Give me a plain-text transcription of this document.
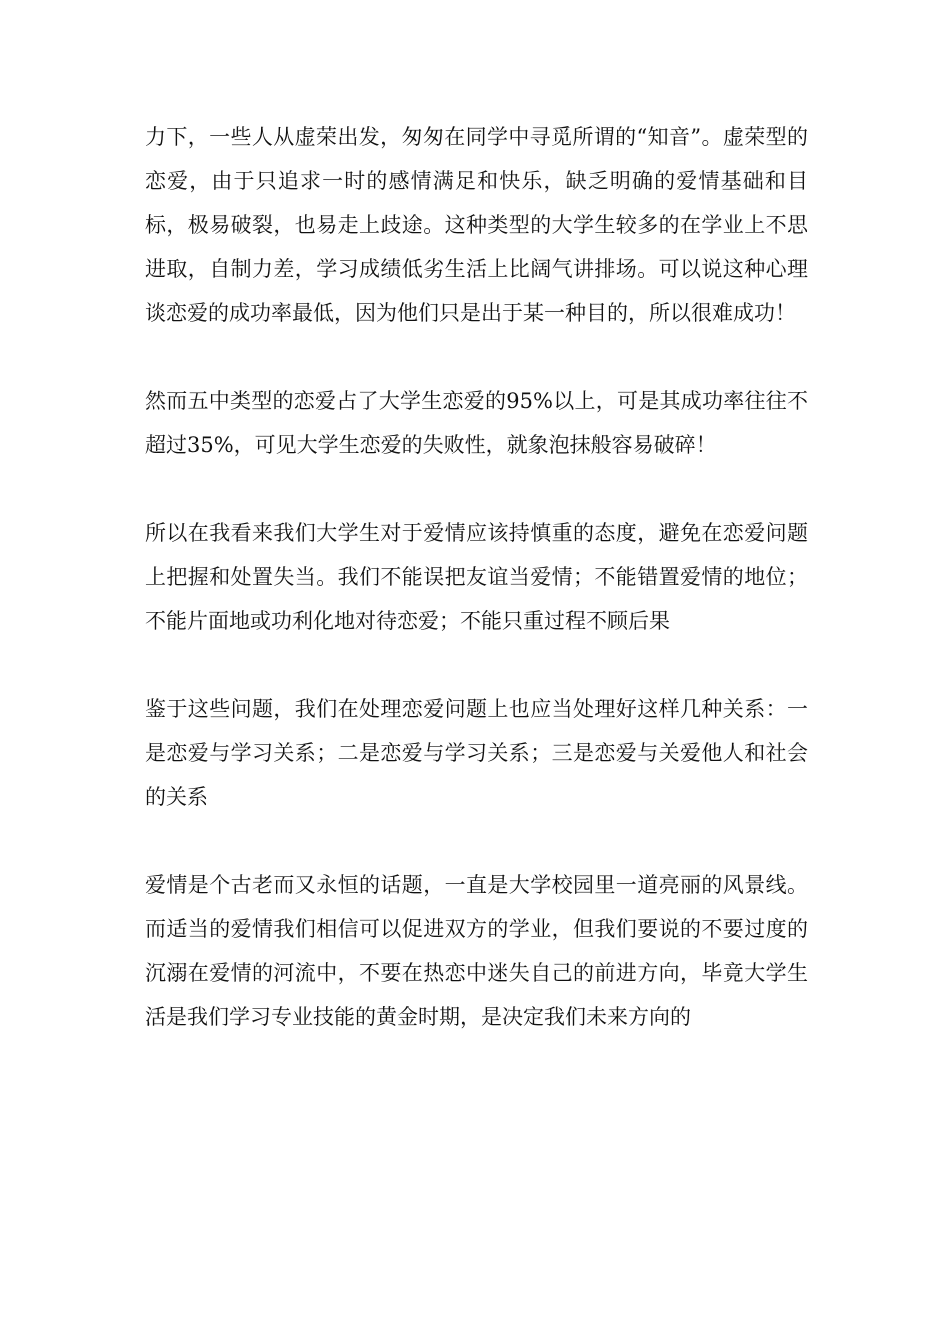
力下，一些人从虚荣出发，匆匆在同学中寻觅所谓的“知音”。虚荣型的恋爱，由于只追求一时的感情满足和快乐，缺乏明确的爱情基础和目标，极易破裂，也易走上歧途。这种类型的大学生较多的在学业上不思进取，自制力差，学习成绩低劣生活上比阔气讲排场。可以说这种心理谈恋爱的成功率最低，因为他们只是出于某一种目的，所以很难成功！

然而五中类型的恋爱占了大学生恋爱的95%以上，可是其成功率往往不超过35%，可见大学生恋爱的失败性，就象泡抹般容易破碎！

所以在我看来我们大学生对于爱情应该持慎重的态度，避免在恋爱问题上把握和处置失当。我们不能误把友谊当爱情；不能错置爱情的地位；不能片面地或功利化地对待恋爱；不能只重过程不顾后果

鉴于这些问题，我们在处理恋爱问题上也应当处理好这样几种关系：一是恋爱与学习关系；二是恋爱与学习关系；三是恋爱与关爱他人和社会的关系

爱情是个古老而又永恒的话题，一直是大学校园里一道亮丽的风景线。而适当的爱情我们相信可以促进双方的学业，但我们要说的不要过度的沉溺在爱情的河流中，不要在热恋中迷失自己的前进方向，毕竟大学生活是我们学习专业技能的黄金时期，是决定我们未来方向的
